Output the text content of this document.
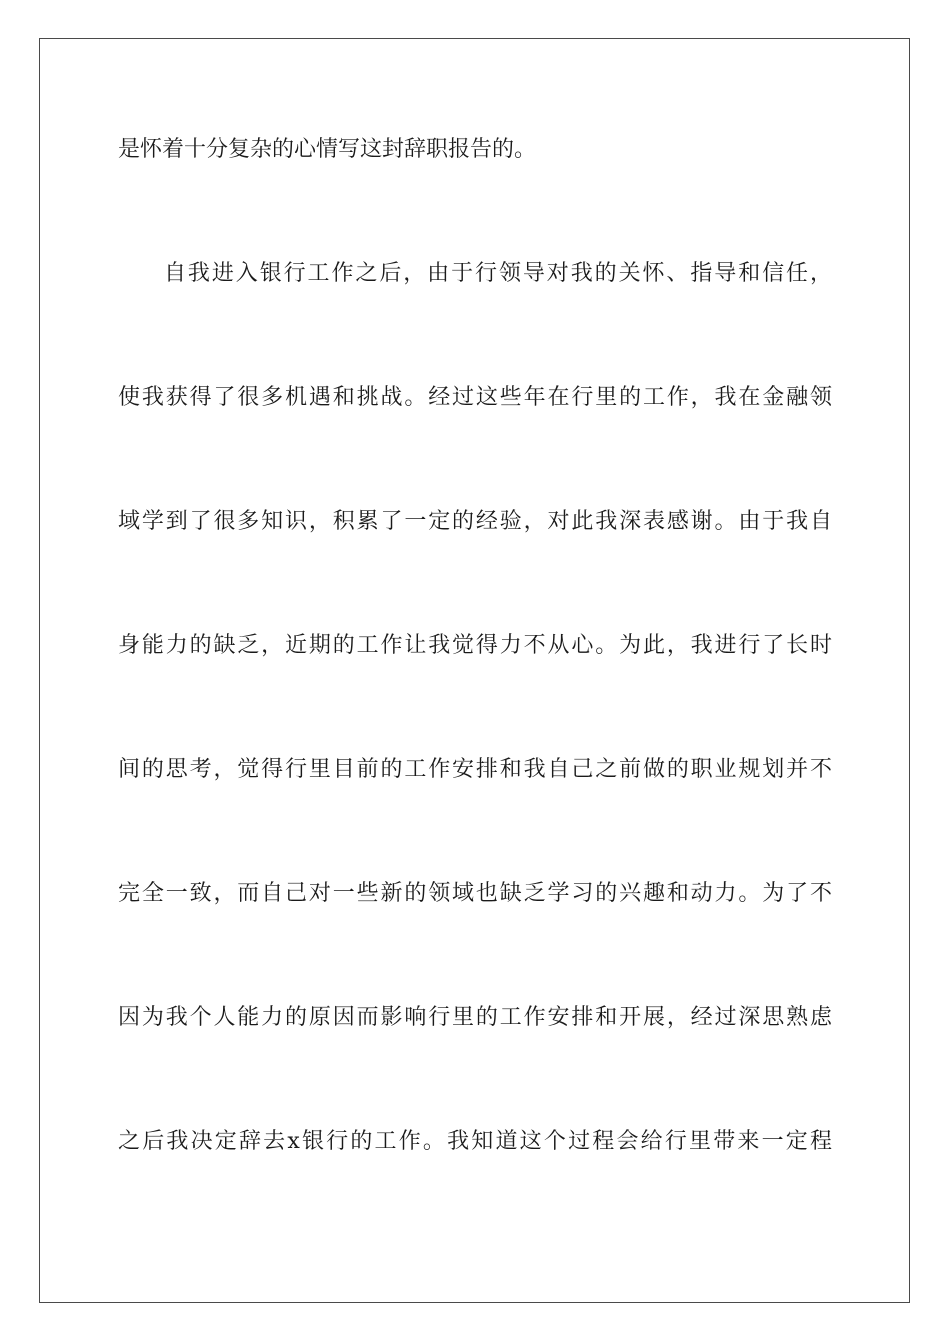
是怀着十分复杂的心情写这封辞职报告的。
自我进入银行工作之后，由于行领导对我的关怀、指导和信任，
使我获得了很多机遇和挑战。经过这些年在行里的工作，我在金融领
域学到了很多知识，积累了一定的经验，对此我深表感谢。由于我自
身能力的缺乏，近期的工作让我觉得力不从心。为此，我进行了长时
间的思考，觉得行里目前的工作安排和我自己之前做的职业规划并不
完全一致，而自己对一些新的领域也缺乏学习的兴趣和动力。为了不
因为我个人能力的原因而影响行里的工作安排和开展，经过深思熟虑
之后我决定辞去x银行的工作。我知道这个过程会给行里带来一定程
